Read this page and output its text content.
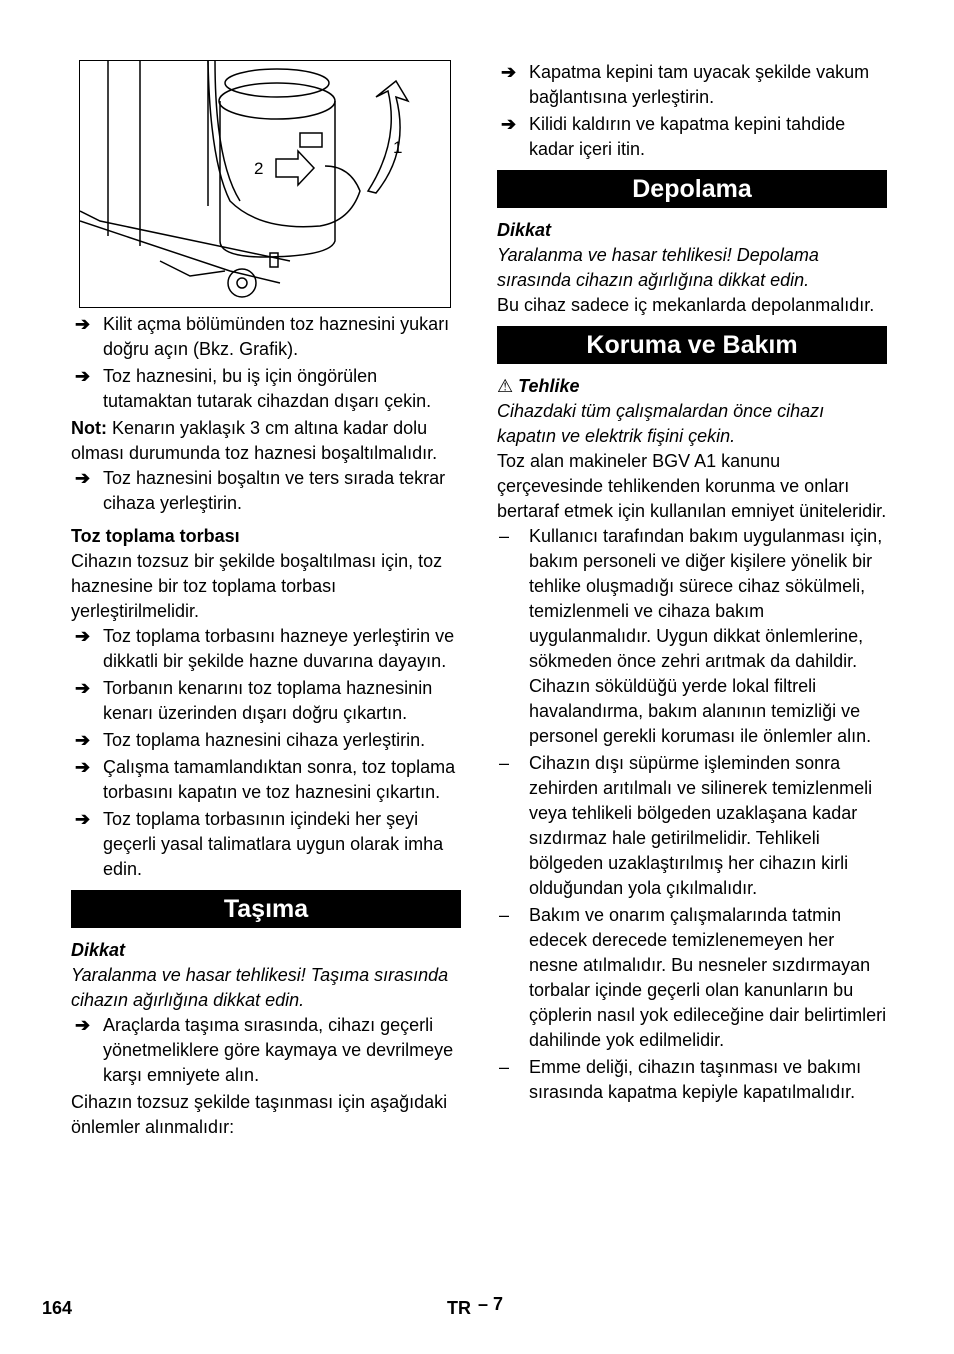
2
1
➔ Kilit açma bölümünden toz haznesini yukarı doğru açın (Bkz. Grafik).
➔ Toz haznesini, bu iş için öngörülen tutamaktan tutarak cihazdan dışarı çekin.

Not: Kenarın yaklaşık 3 cm altına kadar dolu olması durumunda toz haznesi boşaltılmalıdır.

➔ Toz haznesini boşaltın ve ters sırada tekrar cihaza yerleştirin.
Toz toplama torbası

Cihazın tozsuz bir şekilde boşaltılması için, toz haznesine bir toz toplama torbası yerleştirilmelidir.

➔ Toz toplama torbasını hazneye yerleştirin ve dikkatli bir şekilde hazne duvarına dayayın.
➔ Torbanın kenarını toz toplama haznesinin kenarı üzerinden dışarı doğru çıkartın.
➔ Toz toplama haznesini cihaza yerleştirin.
➔ Çalışma tamamlandıktan sonra, toz toplama torbasını kapatın ve toz haznesini çıkartın.
➔ Toz toplama torbasının içindeki her şeyi geçerli yasal talimatlara uygun olarak imha edin.
Taşıma
Dikkat

Yaralanma ve hasar tehlikesi! Taşıma sırasında cihazın ağırlığına dikkat edin.

➔ Araçlarda taşıma sırasında, cihazı geçerli yönetmeliklere göre kaymaya ve devrilmeye karşı emniyete alın.

Cihazın tozsuz şekilde taşınması için aşağıdaki önlemler alınmalıdır:

➔ Kapatma kepini tam uyacak şekilde vakum bağlantısına yerleştirin.
➔ Kilidi kaldırın ve kapatma kepini tahdide kadar içeri itin.
Depolama
Dikkat

Yaralanma ve hasar tehlikesi! Depolama sırasında cihazın ağırlığına dikkat edin.

Bu cihaz sadece iç mekanlarda depolanmalıdır.

Koruma ve Bakım
⚠ Tehlike

Cihazdaki tüm çalışmalardan önce cihazı kapatın ve elektrik fişini çekin.

Toz alan makineler BGV A1 kanunu çerçevesinde tehlikenden korunma ve onları bertaraf etmek için kullanılan emniyet üniteleridir.

– Kullanıcı tarafından bakım uygulanması için, bakım personeli ve diğer kişilere yönelik bir tehlike oluşmadığı sürece cihaz sökülmeli, temizlenmeli ve cihaza bakım uygulanmalıdır. Uygun dikkat önlemlerine, sökmeden önce zehri arıtmak da dahildir. Cihazın söküldüğü yerde lokal filtreli havalandırma, bakım alanının temizliği ve personel gerekli koruması ile önlemler alın.
– Cihazın dışı süpürme işleminden sonra zehirden arıtılmalı ve silinerek temizlenmeli veya tehlikeli bölgeden uzaklaşana kadar sızdırmaz hale getirilmelidir. Tehlikeli bölgeden uzaklaştırılmış her cihazın kirli olduğundan yola çıkılmalıdır.
– Bakım ve onarım çalışmalarında tatmin edecek derecede temizlenemeyen her nesne atılmalıdır. Bu nesneler sızdırmayan torbalar içinde geçerli olan kanunların bu çöplerin nasıl yok edileceğine dair belirtimleri dahilinde yok edilmelidir.
– Emme deliği, cihazın taşınması ve bakımı sırasında kapatma kepiyle kapatılmalıdır.
164	TR – 7
